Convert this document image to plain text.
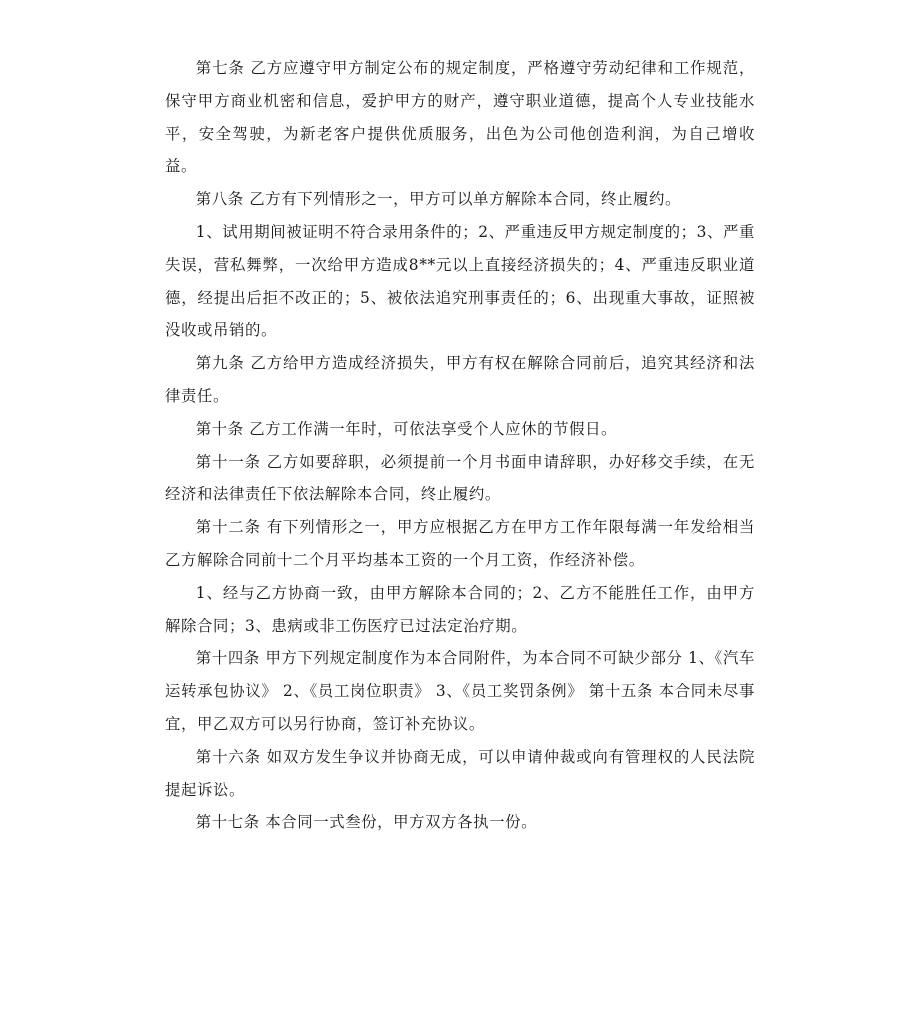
第七条 乙方应遵守甲方制定公布的规定制度，严格遵守劳动纪律和工作规范，保守甲方商业机密和信息，爱护甲方的财产，遵守职业道德，提高个人专业技能水平，安全驾驶，为新老客户提供优质服务，出色为公司他创造利润，为自己增收益。

第八条 乙方有下列情形之一，甲方可以单方解除本合同，终止履约。

1、试用期间被证明不符合录用条件的；2、严重违反甲方规定制度的；3、严重失误，营私舞弊，一次给甲方造成8**元以上直接经济损失的；4、严重违反职业道德，经提出后拒不改正的；5、被依法追究刑事责任的；6、出现重大事故，证照被没收或吊销的。

第九条 乙方给甲方造成经济损失，甲方有权在解除合同前后，追究其经济和法律责任。

第十条 乙方工作满一年时，可依法享受个人应休的节假日。

第十一条 乙方如要辞职，必须提前一个月书面申请辞职，办好移交手续，在无经济和法律责任下依法解除本合同，终止履约。

第十二条 有下列情形之一，甲方应根据乙方在甲方工作年限每满一年发给相当乙方解除合同前十二个月平均基本工资的一个月工资，作经济补偿。

1、经与乙方协商一致，由甲方解除本合同的；2、乙方不能胜任工作，由甲方解除合同；3、患病或非工伤医疗已过法定治疗期。

第十四条 甲方下列规定制度作为本合同附件，为本合同不可缺少部分 1、《汽车运转承包协议》 2、《员工岗位职责》 3、《员工奖罚条例》 第十五条 本合同未尽事宜，甲乙双方可以另行协商，签订补充协议。

第十六条 如双方发生争议并协商无成，可以申请仲裁或向有管理权的人民法院提起诉讼。

第十七条 本合同一式叁份，甲方双方各执一份。
